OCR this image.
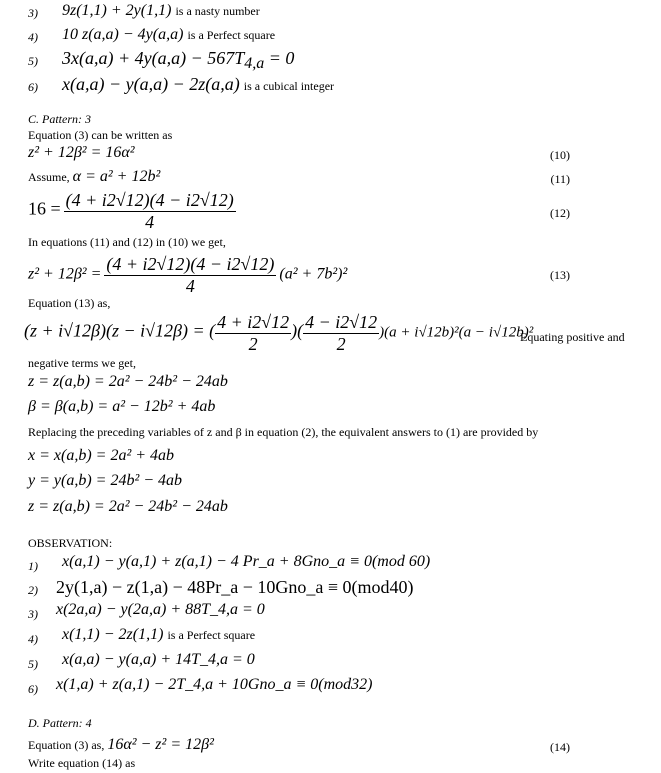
3) 9z(1,1) + 2y(1,1) is a nasty number
4) 10 z(a,a) − 4y(a,a) is a Perfect square
5) $3x(a,a) + 4y(a,a) - 567T_{4,a} = 0$
6) x(a,a) − y(a,a) − 2z(a,a) is a cubical integer
C. Pattern: 3
Equation (3) can be written as
z² + 12β² = 16α²	(10)
Assume, α = a² + 12b²	(11)
$16 = \frac{(4 + i2√12)(4 - i2√12)}{4}$	(12)
In equations (11) and (12) in (10) we get,
$z^2 + 12\beta^2 = \frac{(4 + i2√12)(4 - i2√12)}{4} (a^2 + 7b^2)^2$	(13)
Equation (13) as,
(z + i√12β)(z − i√12β) = ( $\frac{4 + i2√12}{2}$ )( $\frac{4 - i2√12}{2} )(a + i√12b)^2(a - i√12b)^2$
Equating positive and
negative terms we get,
z = z(a,b) = 2a² − 24b² − 24ab
β = β(a,b) = a² − 12b² + 4ab
Replacing the preceding variables of z and β in equation (2), the equivalent answers to (1) are provided by
x = x(a,b) = 2a² + 4ab
y = y(a,b) = 24b² − 4ab
z = z(a,b) = 2a² − 24b² − 24ab
OBSERVATION:
1) x(a,1) − y(a,1) + z(a,1) − 4 Pr_a + 8Gno_a ≡ 0(mod 60)
2) 2y(1,a) − z(1,a) − 48Pr_a − 10Gno_a ≡ 0(mod40)
3) x(2a,a) − y(2a,a) + 88T_4,a = 0
4) x(1,1) − 2z(1,1) is a Perfect square
5) x(a,a) − y(a,a) + 14T_4,a = 0
6) x(1,a) + z(a,1) − 2T_4,a + 10Gno_a ≡ 0(mod32)
D. Pattern: 4
Equation (3) as, 16α² − z² = 12β²	(14)
Write equation (14) as
